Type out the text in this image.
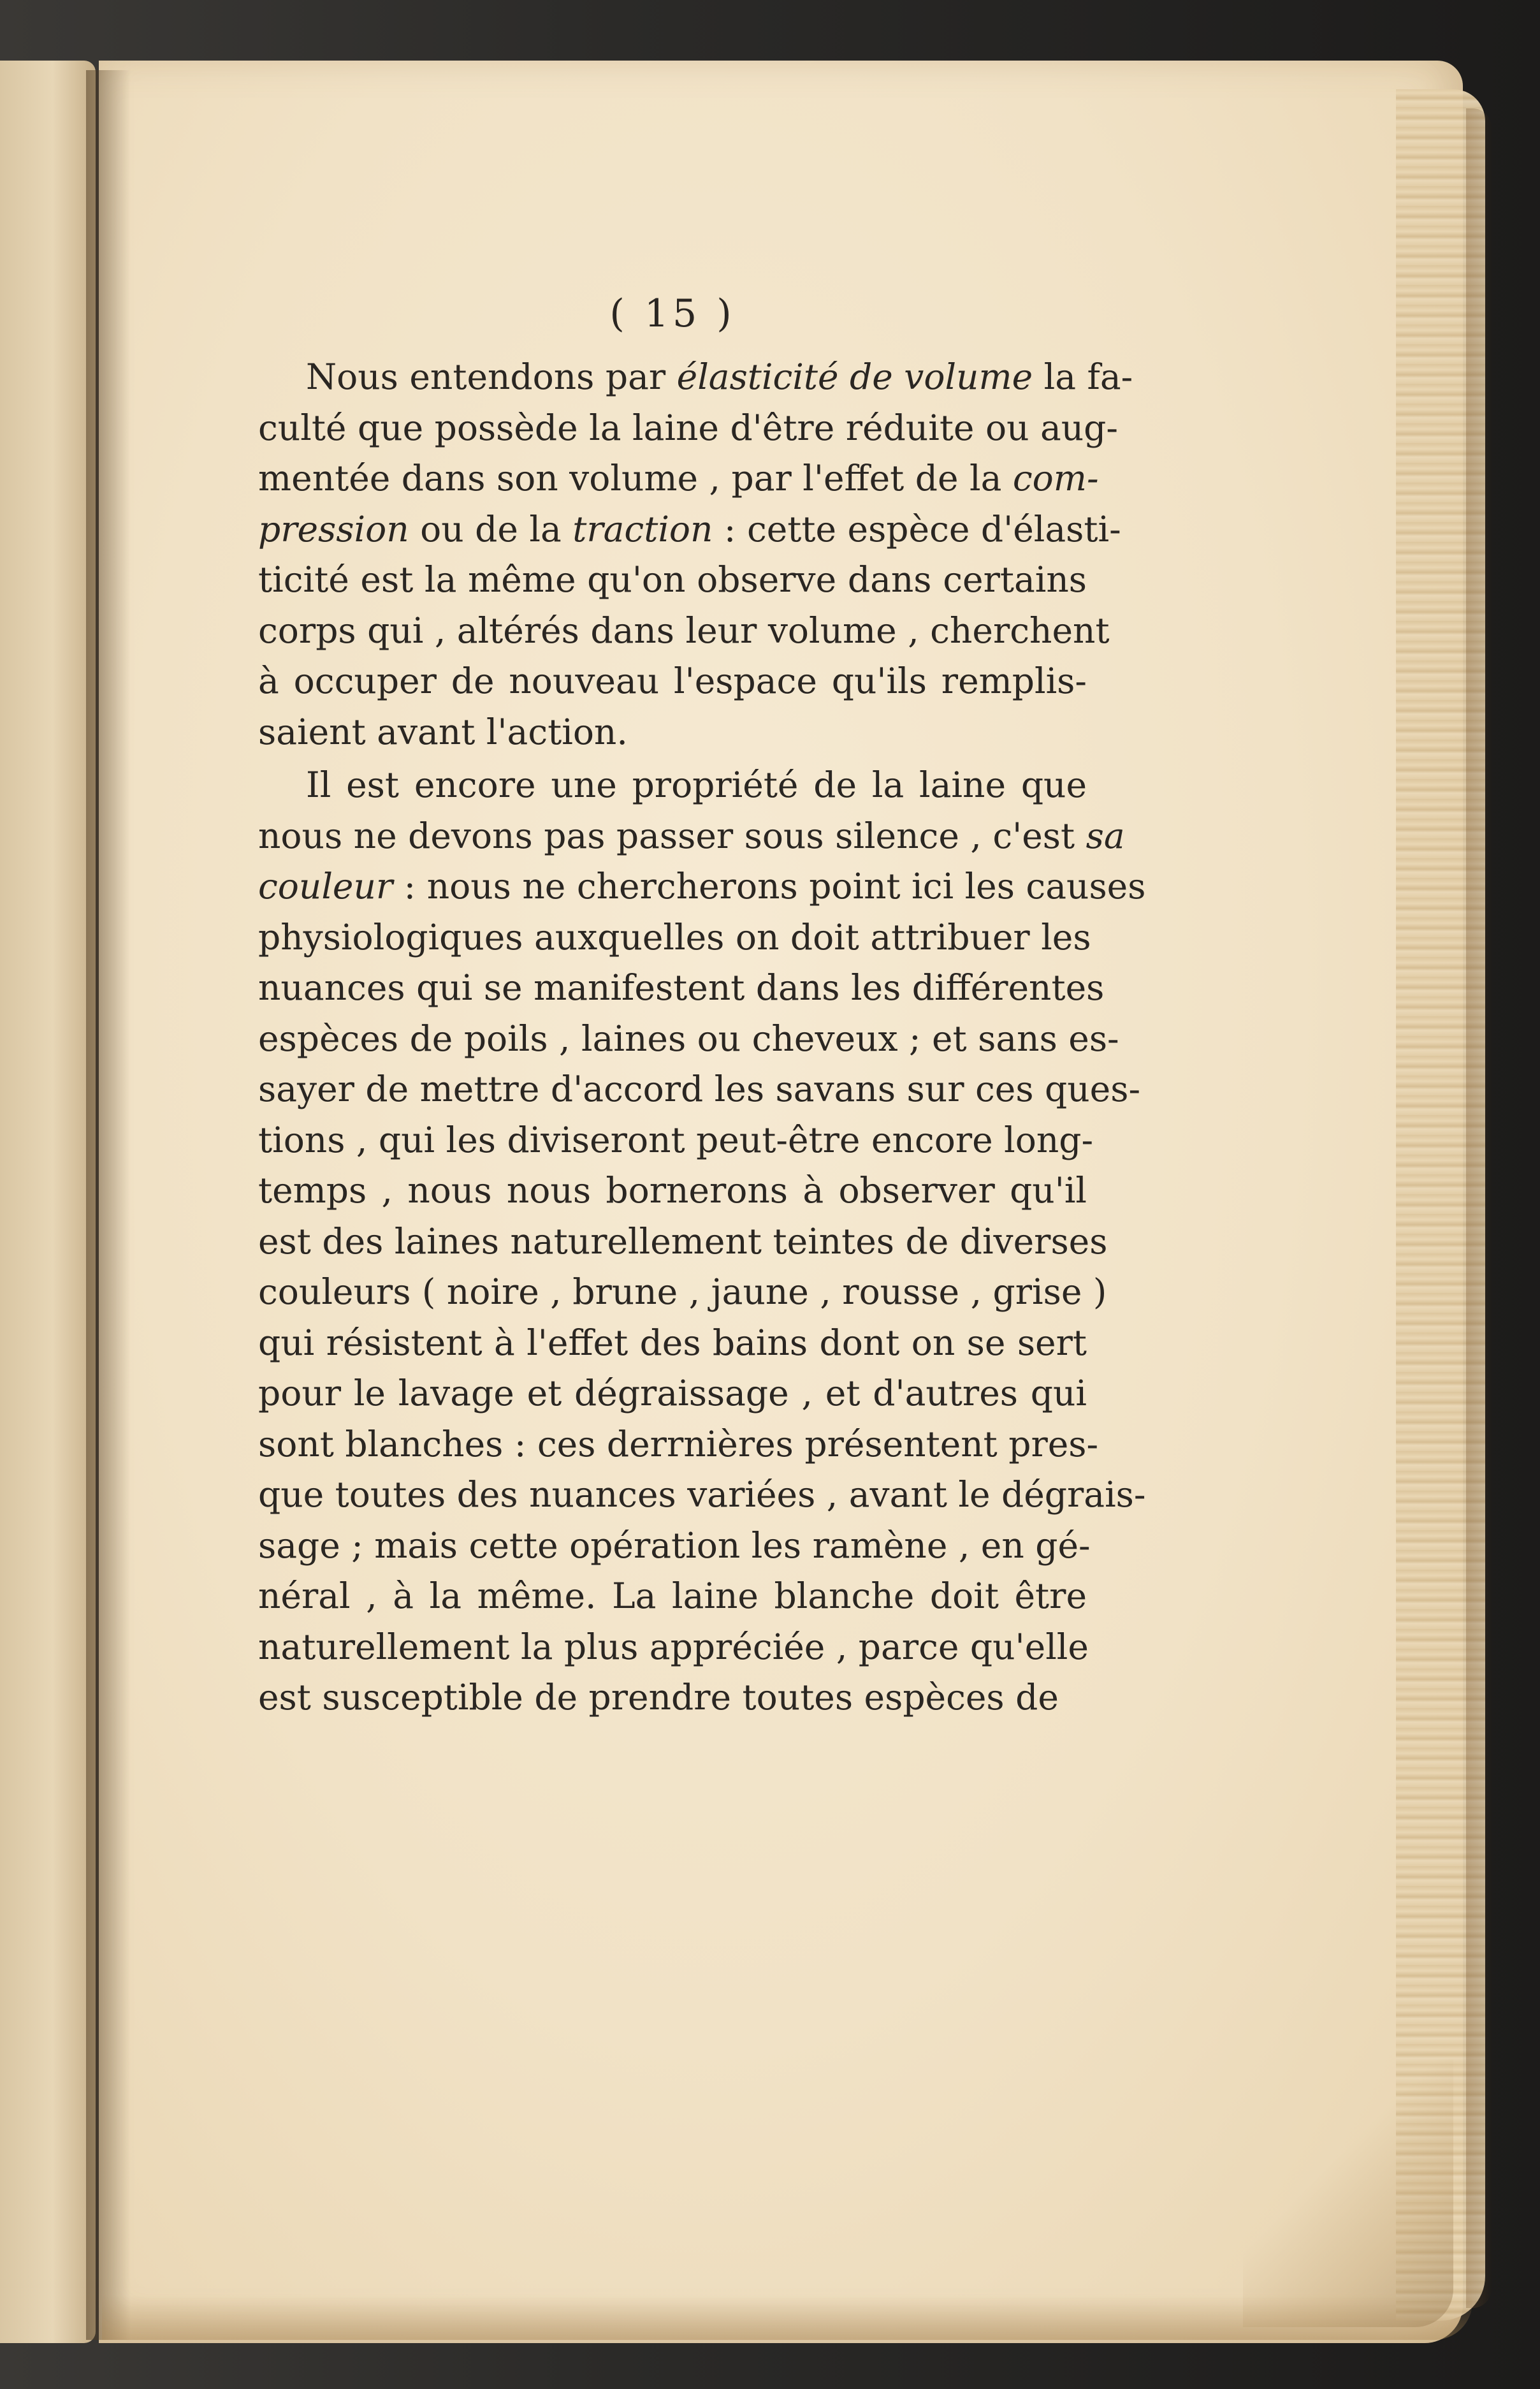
( 15 )
Nous entendons par élasticité de volume la fa-
culté que possède la laine d'être réduite ou aug-
mentée dans son volume , par l'effet de la com-
pression ou de la traction : cette espèce d'élasti-
ticité est la même qu'on observe dans certains
corps qui , altérés dans leur volume , cherchent
à occuper de nouveau l'espace qu'ils remplis-
saient avant l'action.
Il est encore une propriété de la laine que
nous ne devons pas passer sous silence , c'est sa
couleur : nous ne chercherons point ici les causes
physiologiques auxquelles on doit attribuer les
nuances qui se manifestent dans les différentes
espèces de poils , laines ou cheveux ; et sans es-
sayer de mettre d'accord les savans sur ces ques-
tions , qui les diviseront peut-être encore long-
temps , nous nous bornerons à observer qu'il
est des laines naturellement teintes de diverses
couleurs ( noire , brune , jaune , rousse , grise )
qui résistent à l'effet des bains dont on se sert
pour le lavage et dégraissage , et d'autres qui
sont blanches : ces derrnières présentent pres-
que toutes des nuances variées , avant le dégrais-
sage ; mais cette opération les ramène , en gé-
néral , à la même. La laine blanche doit être
naturellement la plus appréciée , parce qu'elle
est susceptible de prendre toutes espèces de
